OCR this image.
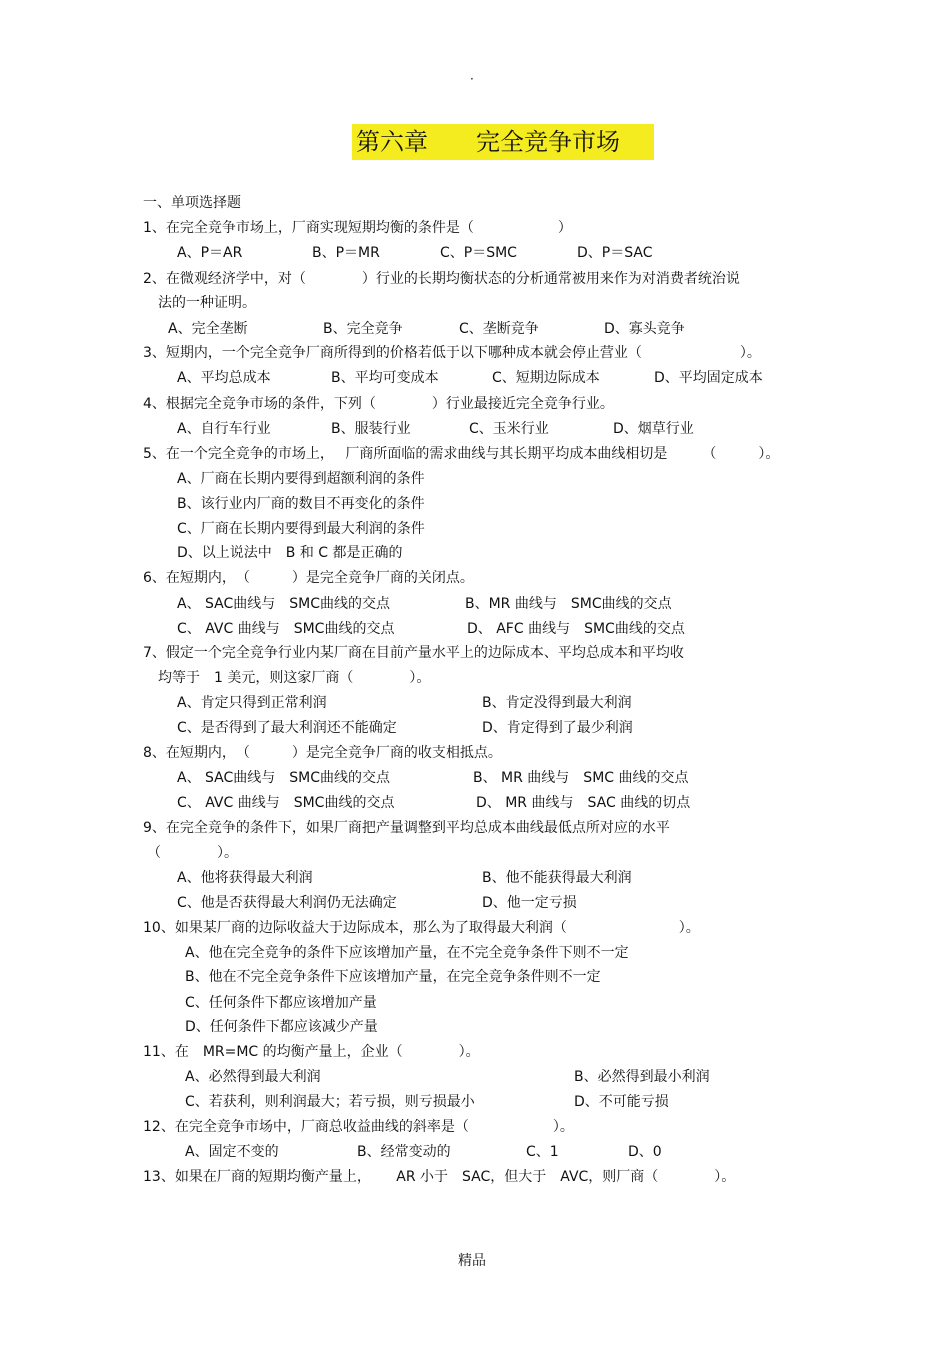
·
第六章　　完全竞争市场
一、单项选择题
1、在完全竞争市场上，厂商实现短期均衡的条件是（　　　　　　）
A、P＝AR	B、P＝MR	C、P＝SMC	D、P＝SAC
2、在微观经济学中，对（　　　　）行业的长期均衡状态的分析通常被用来作为对消费者统治说
法的一种证明。
A、完全垄断	B、完全竞争	C、垄断竞争	D、寡头竞争
3、短期内，一个完全竞争厂商所得到的价格若低于以下哪种成本就会停止营业（　　　　　　　）。
A、平均总成本	B、平均可变成本	C、短期边际成本	D、平均固定成本
4、根据完全竞争市场的条件，下列（　　　　）行业最接近完全竞争行业。
A、自行车行业	B、服装行业	C、玉米行业	D、烟草行业
5、在一个完全竞争的市场上，　 厂商所面临的需求曲线与其长期平均成本曲线相切是　　　（　　　）。
A、厂商在长期内要得到超额利润的条件
B、该行业内厂商的数目不再变化的条件
C、厂商在长期内要得到最大利润的条件
D、以上说法中　B 和 C 都是正确的
6、在短期内，　（　　　）是完全竞争厂商的关闭点。
A、 SAC曲线与　SMC曲线的交点	B、MR 曲线与　SMC曲线的交点
C、 AVC 曲线与　SMC曲线的交点	D、 AFC 曲线与　SMC曲线的交点
7、假定一个完全竞争行业内某厂商在目前产量水平上的边际成本、平均总成本和平均收
均等于　1 美元，则这家厂商（　　　　）。
A、肯定只得到正常利润	B、肯定没得到最大利润
C、是否得到了最大利润还不能确定	D、肯定得到了最少利润
8、在短期内，　（　　　）是完全竞争厂商的收支相抵点。
A、 SAC曲线与　SMC曲线的交点	B、 MR 曲线与　SMC 曲线的交点
C、 AVC 曲线与　SMC曲线的交点	D、 MR 曲线与　SAC 曲线的切点
9、在完全竞争的条件下，如果厂商把产量调整到平均总成本曲线最低点所对应的水平
（　　　　）。
A、他将获得最大利润	B、他不能获得最大利润
C、他是否获得最大利润仍无法确定	D、他一定亏损
10、如果某厂商的边际收益大于边际成本，那么为了取得最大利润（　　　　　　　　）。
A、他在完全竞争的条件下应该增加产量，在不完全竞争条件下则不一定
B、他在不完全竞争条件下应该增加产量，在完全竞争条件则不一定
C、任何条件下都应该增加产量
D、任何条件下都应该减少产量
11、在　MR=MC 的均衡产量上，企业（　　　　）。
A、必然得到最大利润	B、必然得到最小利润
C、若获利，则利润最大；若亏损，则亏损最小	D、不可能亏损
12、在完全竞争市场中，厂商总收益曲线的斜率是（　　　　　　）。
A、固定不变的	B、经常变动的	C、1	D、0
13、如果在厂商的短期均衡产量上，　　 AR 小于　SAC，但大于　AVC，则厂商（　　　　）。
精品
